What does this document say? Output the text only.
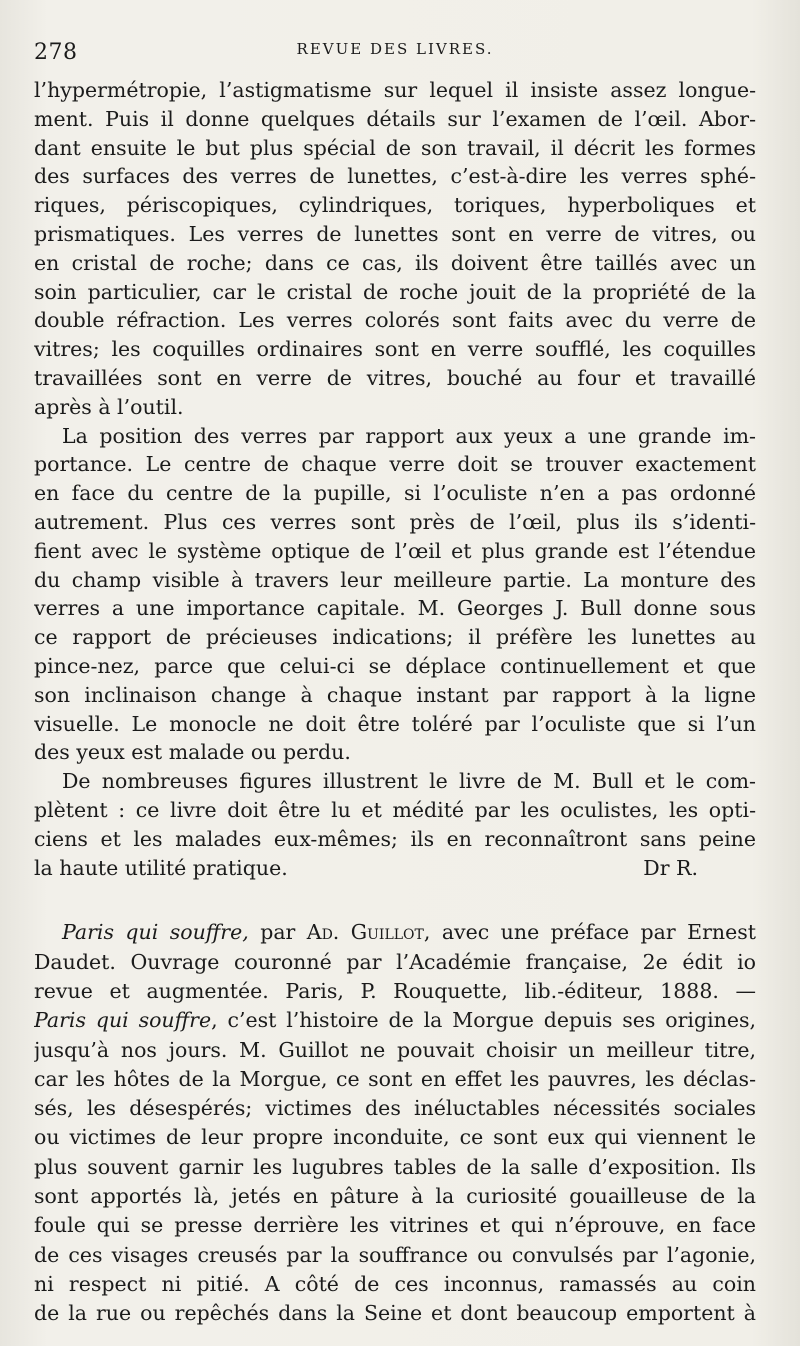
278	REVUE DES LIVRES.
l’hypermétropie, l’astigmatisme sur lequel il insiste assez longue-
ment. Puis il donne quelques détails sur l’examen de l’œil. Abor-
dant ensuite le but plus spécial de son travail, il décrit les formes
des surfaces des verres de lunettes, c’est-à-dire les verres sphé-
riques, périscopiques, cylindriques, toriques, hyperboliques et
prismatiques. Les verres de lunettes sont en verre de vitres, ou
en cristal de roche; dans ce cas, ils doivent être taillés avec un
soin particulier, car le cristal de roche jouit de la propriété de la
double réfraction. Les verres colorés sont faits avec du verre de
vitres; les coquilles ordinaires sont en verre soufflé, les coquilles
travaillées sont en verre de vitres, bouché au four et travaillé
après à l’outil.
La position des verres par rapport aux yeux a une grande im-
portance. Le centre de chaque verre doit se trouver exactement
en face du centre de la pupille, si l’oculiste n’en a pas ordonné
autrement. Plus ces verres sont près de l’œil, plus ils s’identi-
fient avec le système optique de l’œil et plus grande est l’étendue
du champ visible à travers leur meilleure partie. La monture des
verres a une importance capitale. M. Georges J. Bull donne sous
ce rapport de précieuses indications; il préfère les lunettes au
pince-nez, parce que celui-ci se déplace continuellement et que
son inclinaison change à chaque instant par rapport à la ligne
visuelle. Le monocle ne doit être toléré par l’oculiste que si l’un
des yeux est malade ou perdu.
De nombreuses figures illustrent le livre de M. Bull et le com-
plètent : ce livre doit être lu et médité par les oculistes, les opti-
ciens et les malades eux-mêmes; ils en reconnaîtront sans peine
la haute utilité pratique.	Dr R.
Paris qui souffre, par Ad. Guillot, avec une préface par Ernest
Daudet. Ouvrage couronné par l’Académie française, 2e édit io
revue et augmentée. Paris, P. Rouquette, lib.-éditeur, 1888. —
Paris qui souffre, c’est l’histoire de la Morgue depuis ses origines,
jusqu’à nos jours. M. Guillot ne pouvait choisir un meilleur titre,
car les hôtes de la Morgue, ce sont en effet les pauvres, les déclas-
sés, les désespérés; victimes des inéluctables nécessités sociales
ou victimes de leur propre inconduite, ce sont eux qui viennent le
plus souvent garnir les lugubres tables de la salle d’exposition. Ils
sont apportés là, jetés en pâture à la curiosité gouailleuse de la
foule qui se presse derrière les vitrines et qui n’éprouve, en face
de ces visages creusés par la souffrance ou convulsés par l’agonie,
ni respect ni pitié. A côté de ces inconnus, ramassés au coin
de la rue ou repêchés dans la Seine et dont beaucoup emportent à
